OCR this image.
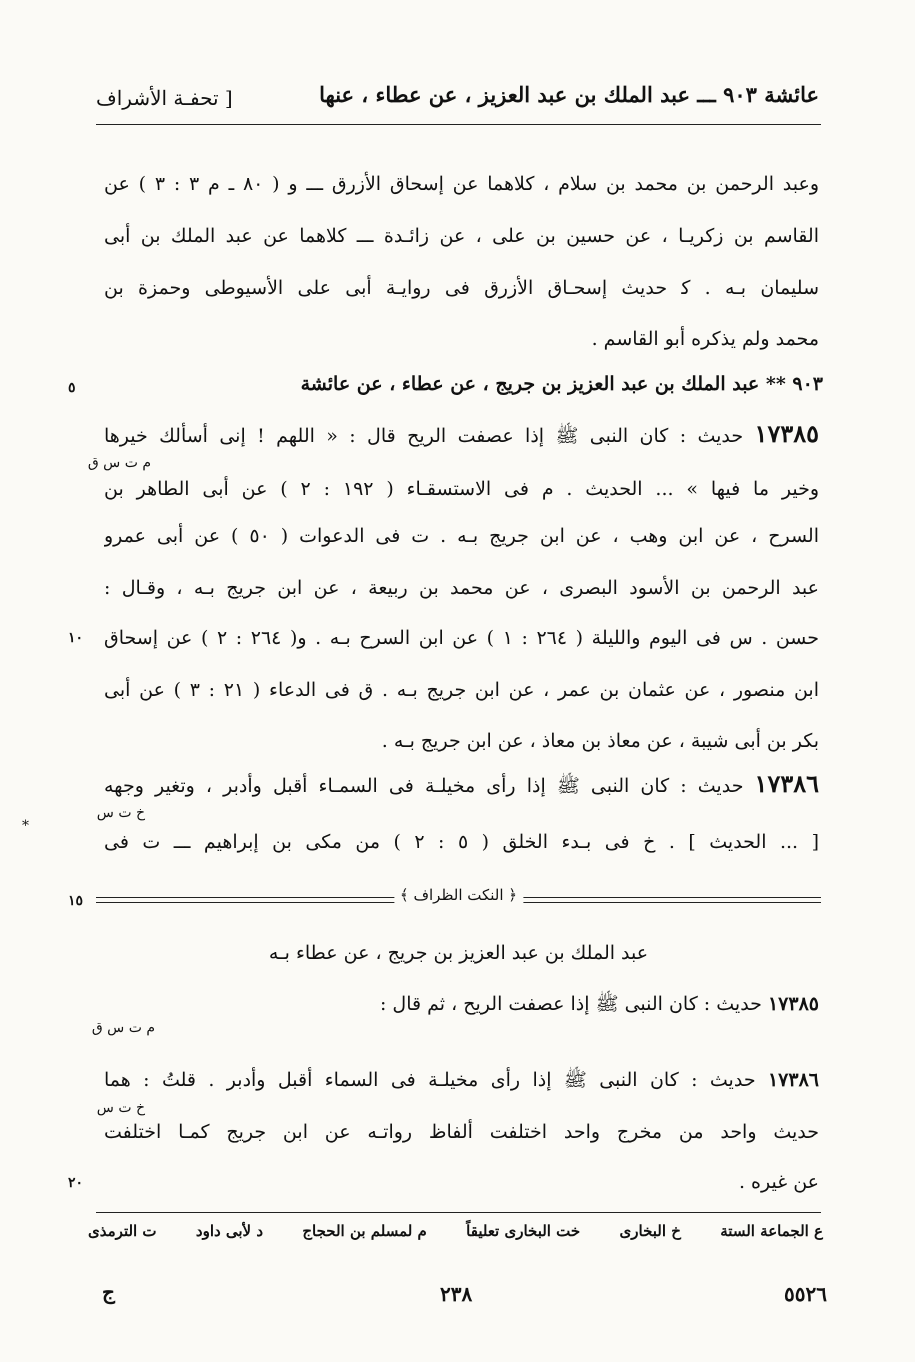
عائشة ٩٠٣ ـــ عبد الملك بن عبد العزيز ، عن عطاء ، عنها
[ تحفـة الأشراف
وعبد الرحمن بن محمد بن سلام ، كلاهما عن إسحاق الأزرق ـــ و ( ٨٠ ـ م ٣ : ٣ ) عن
القاسم بن زكريـا ، عن حسين بن على ، عن زائـدة ـــ كلاهما عن عبد الملك بن أبى
سليمان بـه . ﮐ حديث إسحـاق الأزرق فى روايـة أبى على الأسيوطى وحمزة بن
محمد ولم يذكره أبو القاسم .
٩٠٣ ** عبد الملك بن عبد العزيز بن جريج ، عن عطاء ، عن عائشة
٥
١٧٣٨٥ حديث : كان النبى ﷺ إذا عصفت الريح قال : « اللهم ! إنى أسألك خيرها
م ت س ق
وخير ما فيها » ... الحديث . م فى الاستسقـاء ( ١٩٢ : ٢ ) عن أبى الطاهر بن
السرح ، عن ابن وهب ، عن ابن جريج بـه . ت فى الدعوات ( ٥٠ ) عن أبى عمرو
عبد الرحمن بن الأسود البصرى ، عن محمد بن ربيعة ، عن ابن جريج بـه ، وقـال :
حسن . س فى اليوم والليلة ( ٢٦٤ : ١ ) عن ابن السرح بـه . و( ٢٦٤ : ٢ ) عن إسحاق
١٠
ابن منصور ، عن عثمان بن عمر ، عن ابن جريج بـه . ق فى الدعاء ( ٢١ : ٣ ) عن أبى
بكر بن أبى شيبة ، عن معاذ بن معاذ ، عن ابن جريج بـه .
١٧٣٨٦ حديث : كان النبى ﷺ إذا رأى مخيلـة فى السمـاء أقبل وأدبر ، وتغير وجهه
خ ت س
*
[ ... الحديث ] . خ فى بـدء الخلق ( ٥ : ٢ ) من مكى بن إبراهيم ـــ ت فى
﴿ النكت الظراف ﴾
١٥
عبد الملك بن عبد العزيز بن جريج ، عن عطاء بـه
١٧٣٨٥ حديث : كان النبى ﷺ إذا عصفت الريح ، ثم قال :
م ت س ق
١٧٣٨٦ حديث : كان النبى ﷺ إذا رأى مخيلـة فى السماء أقبل وأدبر . قلتُ : هما
خ ت س
حديث واحد من مخرج واحد اختلفت ألفاظ رواتـه عن ابن جريج كمـا اختلفت
عن غيره .
٢٠
ع الجماعة الستة
خ البخارى
خت البخارى تعليقاً
م لمسلم بن الحجاج
د لأبى داود
ت الترمذى
٥٥٢٦
٢٣٨
ج
